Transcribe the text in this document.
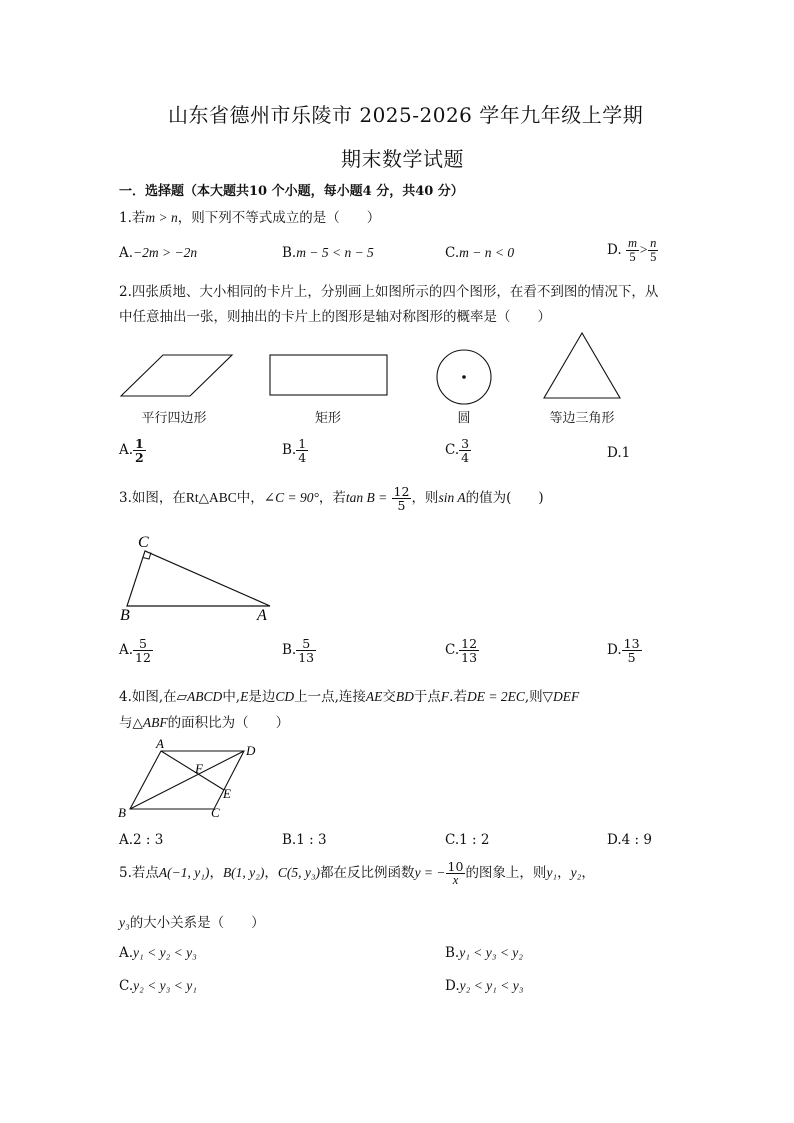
山东省德州市乐陵市 2025-2026 学年九年级上学期
期末数学试题
一．选择题（本大题共10 个小题，每小题4 分，共40 分）
1.若m > n，则下列不等式成立的是（　　）
A.−2m > −2n	B.m − 5 < n − 5	C.m − n < 0	D. $\frac{m}{5} > \frac{n}{5}$
2.四张质地、大小相同的卡片上，分别画上如图所示的四个图形，在看不到图的情况下，从
中任意抽出一张，则抽出的卡片上的图形是轴对称图形的概率是（　　）
平行四边形	矩形	圆	等边三角形
A. $\frac{1}{2}$	B. $\frac{1}{4}$	C. $\frac{3}{4}$	D.1
3.如图，在Rt△ABC中，∠C = 90°，若$\tan B = \frac{12}{5}$ ，则sin A的值为(　　)
C
B	A
A. $\frac{5}{12}$	B. $\frac{5}{13}$	C. $\frac{12}{13}$	D. $\frac{13}{5}$
4.如图,在▱ABCD中,E是边CD上一点,连接AE交BD于点F.若DE = 2EC,则▽DEF
与△ABF的面积比为（　　）
A	D
F
E
B	C
A.2 : 3	B.1 : 3	C.1 : 2	D.4 : 9
5.若点A(−1, y₁)，B(1, y₂)，C(5, y₃)都在反比例函数y = − $\frac{10}{x}$ 的图象上，则y₁，y₂，
y₃的大小关系是（　　）
A.y₁ < y₂ < y₃	B.y₁ < y₃ < y₂
C.y₂ < y₃ < y₁	D.y₂ < y₁ < y₃
